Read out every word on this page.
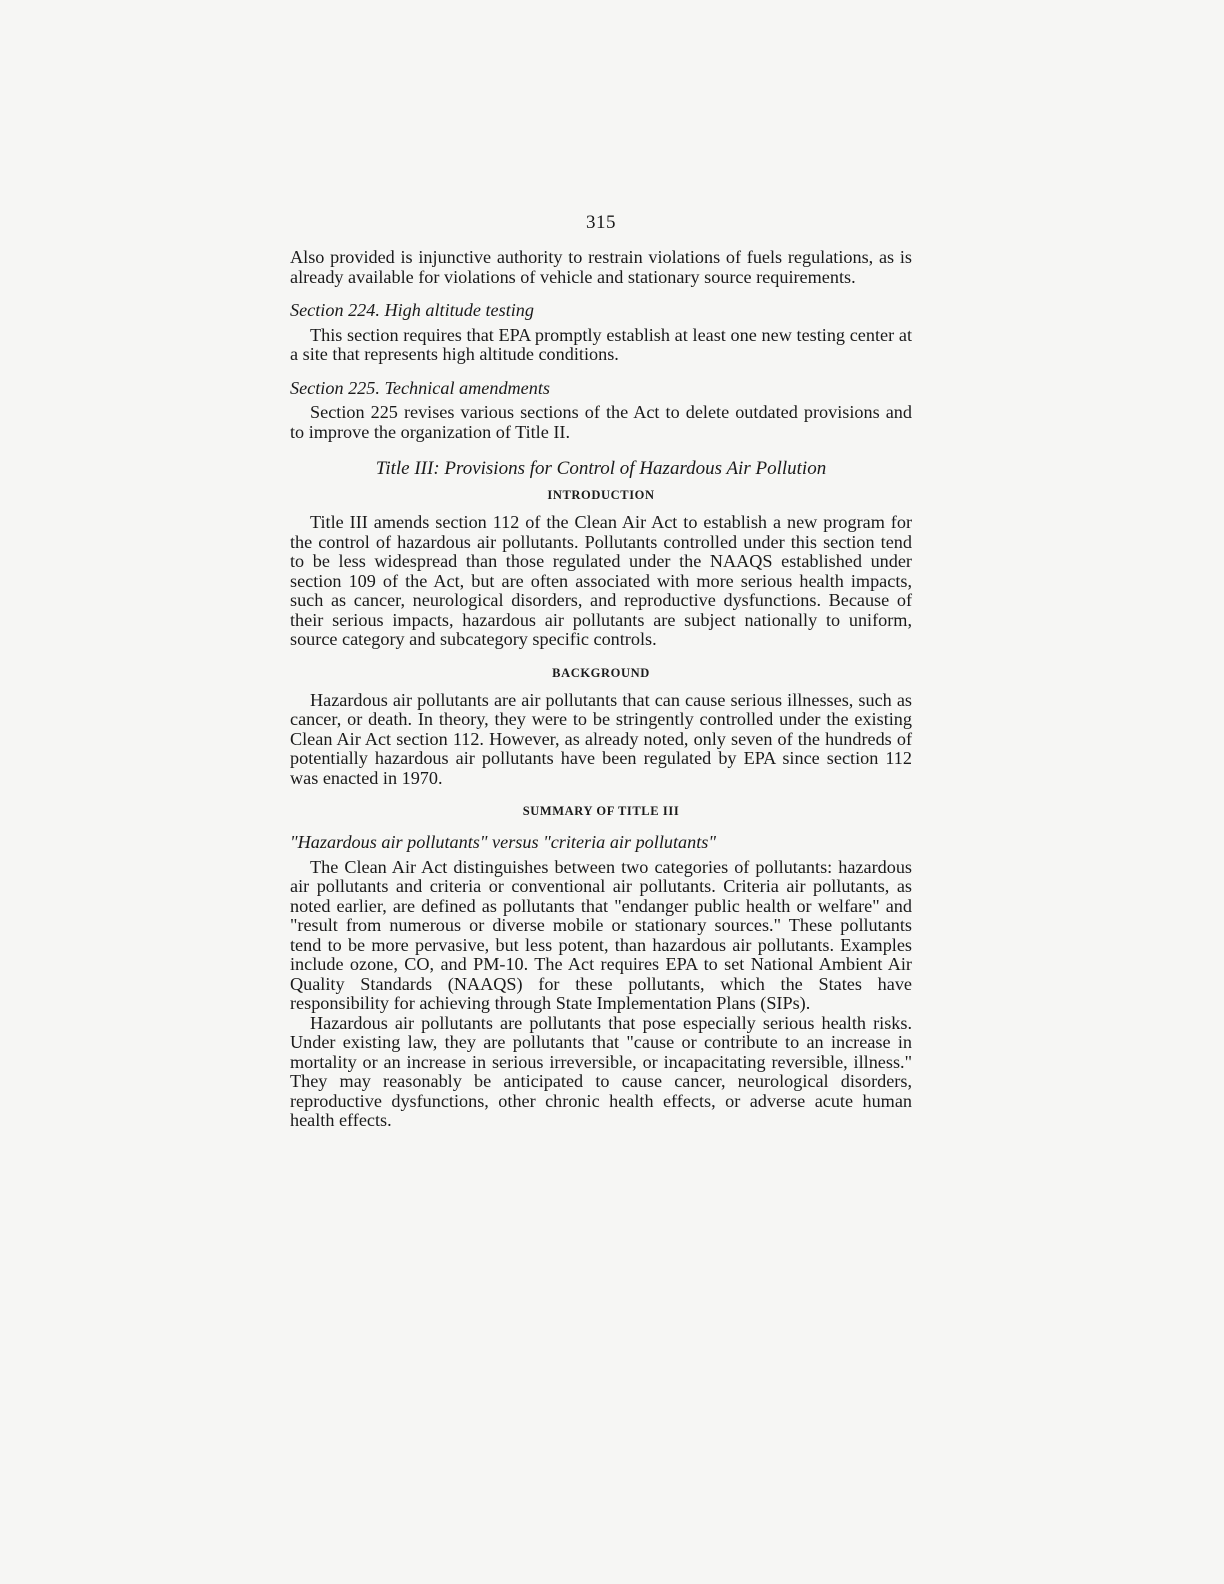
315

Also provided is injunctive authority to restrain violations of fuels regulations, as is already available for violations of vehicle and stationary source requirements.

Section 224. High altitude testing

This section requires that EPA promptly establish at least one new testing center at a site that represents high altitude conditions.

Section 225. Technical amendments

Section 225 revises various sections of the Act to delete outdated provisions and to improve the organization of Title II.

Title III: Provisions for Control of Hazardous Air Pollution
INTRODUCTION

Title III amends section 112 of the Clean Air Act to establish a new program for the control of hazardous air pollutants. Pollutants controlled under this section tend to be less widespread than those regulated under the NAAQS established under section 109 of the Act, but are often associated with more serious health impacts, such as cancer, neurological disorders, and reproductive dysfunctions. Because of their serious impacts, hazardous air pollutants are subject nationally to uniform, source category and subcategory specific controls.

BACKGROUND

Hazardous air pollutants are air pollutants that can cause serious illnesses, such as cancer, or death. In theory, they were to be stringently controlled under the existing Clean Air Act section 112. However, as already noted, only seven of the hundreds of potentially hazardous air pollutants have been regulated by EPA since section 112 was enacted in 1970.

SUMMARY OF TITLE III
"Hazardous air pollutants" versus "criteria air pollutants"

The Clean Air Act distinguishes between two categories of pollutants: hazardous air pollutants and criteria or conventional air pollutants. Criteria air pollutants, as noted earlier, are defined as pollutants that "endanger public health or welfare" and "result from numerous or diverse mobile or stationary sources." These pollutants tend to be more pervasive, but less potent, than hazardous air pollutants. Examples include ozone, CO, and PM-10. The Act requires EPA to set National Ambient Air Quality Standards (NAAQS) for these pollutants, which the States have responsibility for achieving through State Implementation Plans (SIPs).

Hazardous air pollutants are pollutants that pose especially serious health risks. Under existing law, they are pollutants that "cause or contribute to an increase in mortality or an increase in serious irreversible, or incapacitating reversible, illness." They may reasonably be anticipated to cause cancer, neurological disorders, reproductive dysfunctions, other chronic health effects, or adverse acute human health effects.
